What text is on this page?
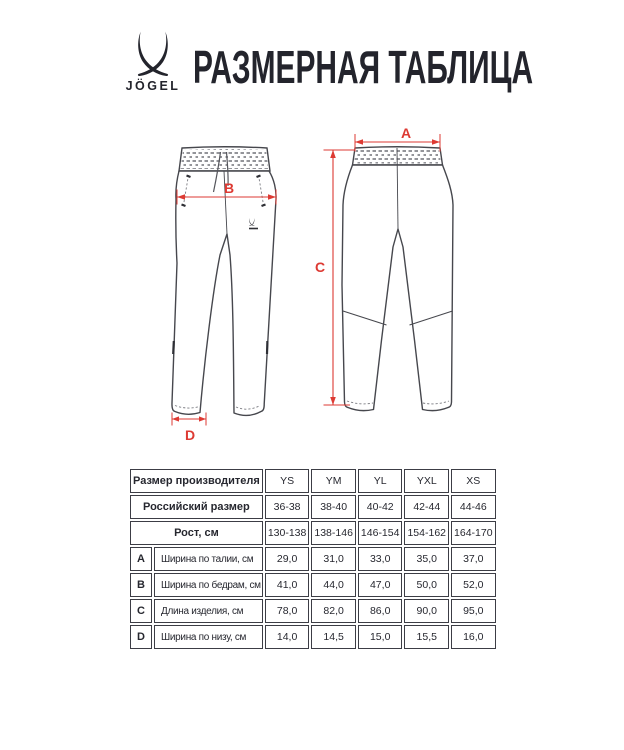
JÖGEL РАЗМЕРНАЯ ТАБЛИЦА
B
D
A
C
Размер производителя		YS	YM	YL	YXL	XS
Российский размер		36-38	38-40	40-42	42-44	44-46
Рост, см		130-138	138-146	146-154	154-162	164-170
A	Ширина по талии, см	29,0	31,0	33,0	35,0	37,0
B	Ширина по бедрам, см	41,0	44,0	47,0	50,0	52,0
C	Длина изделия, см	78,0	82,0	86,0	90,0	95,0
D	Ширина по низу, см	14,0	14,5	15,0	15,5	16,0
